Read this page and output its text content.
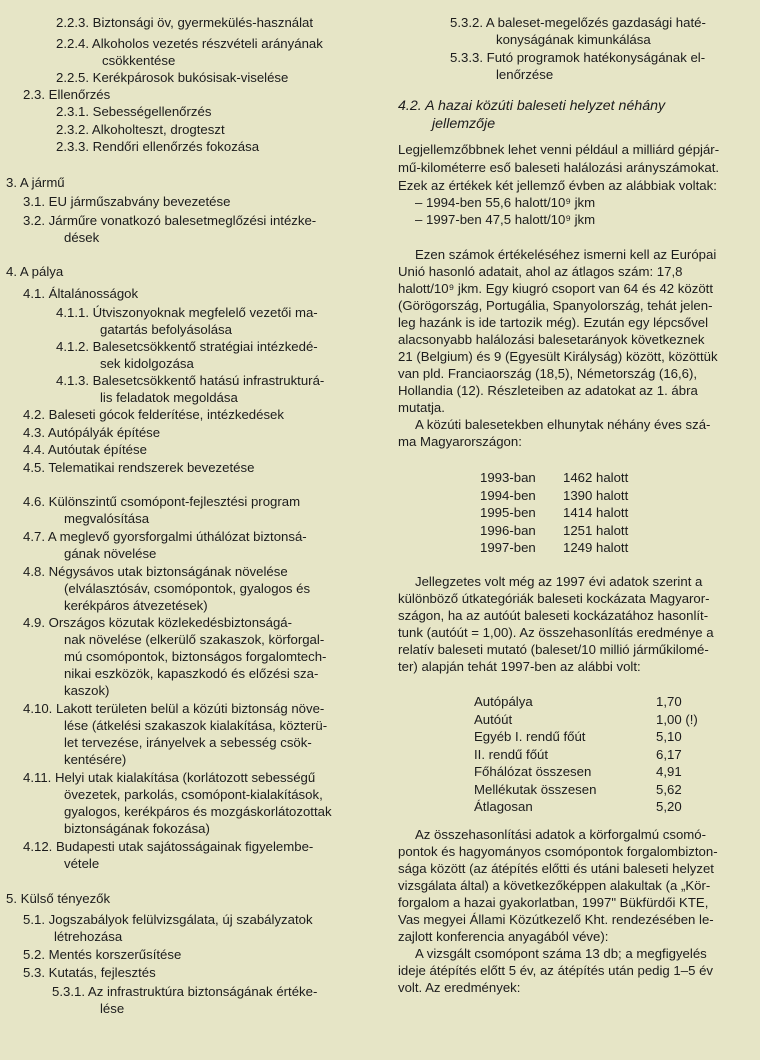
2.2.3. Biztonsági öv, gyermekülés-használat
2.2.4. Alkoholos vezetés részvételi arányának
csökkentése
2.2.5. Kerékpárosok bukósisak-viselése
2.3. Ellenőrzés
2.3.1. Sebességellenőrzés
2.3.2. Alkoholteszt, drogteszt
2.3.3. Rendőri ellenőrzés fokozása
3. A jármű
3.1. EU járműszabvány bevezetése
3.2. Járműre vonatkozó balesetmeglőzési intézke-
dések
4. A pálya
4.1. Általánosságok
4.1.1. Útviszonyoknak megfelelő vezetői ma-
gatartás befolyásolása
4.1.2. Balesetcsökkentő stratégiai intézkedé-
sek kidolgozása
4.1.3. Balesetcsökkentő hatású infrastrukturá-
lis feladatok megoldása
4.2. Baleseti gócok felderítése, intézkedések
4.3. Autópályák építése
4.4. Autóutak építése
4.5. Telematikai rendszerek bevezetése
4.6. Különszintű csomópont-fejlesztési program
megvalósítása
4.7. A meglevő gyorsforgalmi úthálózat biztonsá-
gának növelése
4.8. Négysávos utak biztonságának növelése
(elválasztósáv, csomópontok, gyalogos és
kerékpáros átvezetések)
4.9. Országos közutak közlekedésbiztonságá-
nak növelése (elkerülő szakaszok, körforgal-
mú csomópontok, biztonságos forgalomtech-
nikai eszközök, kapaszkodó és előzési sza-
kaszok)
4.10. Lakott területen belül a közúti biztonság növe-
lése (átkelési szakaszok kialakítása, közterü-
let tervezése, irányelvek a sebesség csök-
kentésére)
4.11. Helyi utak kialakítása (korlátozott sebességű
övezetek, parkolás, csomópont-kialakítások,
gyalogos, kerékpáros és mozgáskorlátozottak
biztonságának fokozása)
4.12. Budapesti utak sajátosságainak figyelembe-
vétele
5. Külső tényezők
5.1. Jogszabályok felülvizsgálata, új szabályzatok
létrehozása
5.2. Mentés korszerűsítése
5.3. Kutatás, fejlesztés
5.3.1. Az infrastruktúra biztonságának értéke-
lése
5.3.2. A baleset-megelőzés gazdasági haté-
konyságának kimunkálása
5.3.3. Futó programok hatékonyságának el-
lenőrzése
4.2. A hazai közúti baleseti helyzet néhány
jellemzője
Legjellemzőbbnek lehet venni például a milliárd gépjár-
mű-kilométerre eső baleseti halálozási arányszámokat.
Ezek az értékek két jellemző évben az alábbiak voltak:
– 1994-ben 55,6 halott/10⁹ jkm
– 1997-ben 47,5 halott/10⁹ jkm
Ezen számok értékeléséhez ismerni kell az Európai
Unió hasonló adatait, ahol az átlagos szám: 17,8
halott/10⁹ jkm. Egy kiugró csoport van 64 és 42 között
(Görögország, Portugália, Spanyolország, tehát jelen-
leg hazánk is ide tartozik még). Ezután egy lépcsővel
alacsonyabb halálozási balesetarányok következnek
21 (Belgium) és 9 (Egyesült Királyság) között, közöttük
van pld. Franciaország (18,5), Németország (16,6),
Hollandia (12). Részleteiben az adatokat az 1. ábra
mutatja.
A közúti balesetekben elhunytak néhány éves szá-
ma Magyarországon:
Jellegzetes volt még az 1997 évi adatok szerint a
különböző útkategóriák baleseti kockázata Magyaror-
szágon, ha az autóút baleseti kockázatához hasonlít-
tunk (autóút = 1,00). Az összehasonlítás eredménye a
relatív baleseti mutató (baleset/10 millió járműkilomé-
ter) alapján tehát 1997-ben az alábbi volt:
Az összehasonlítási adatok a körforgalmú csomó-
pontok és hagyományos csomópontok forgalombizton-
sága között (az átépítés előtti és utáni baleseti helyzet
vizsgálata által) a következőképpen alakultak (a „Kör-
forgalom a hazai gyakorlatban, 1997" Bükfürdői KTE,
Vas megyei Állami Közútkezelő Kht. rendezésében le-
zajlott konferencia anyagából véve):
A vizsgált csomópont száma 13 db; a megfigyelés
ideje átépítés előtt 5 év, az átépítés után pedig 1–5 év
volt. Az eredmények:
1993-ban 1462 halott
1994-ben 1390 halott
1995-ben 1414 halott
1996-ban 1251 halott
1997-ben 1249 halott
Autópálya	1,70
Autóút	1,00 (!)
Egyéb I. rendű főút	5,10
II. rendű főút	6,17
Főhálózat összesen	4,91
Mellékutak összesen	5,62
Átlagosan	5,20
